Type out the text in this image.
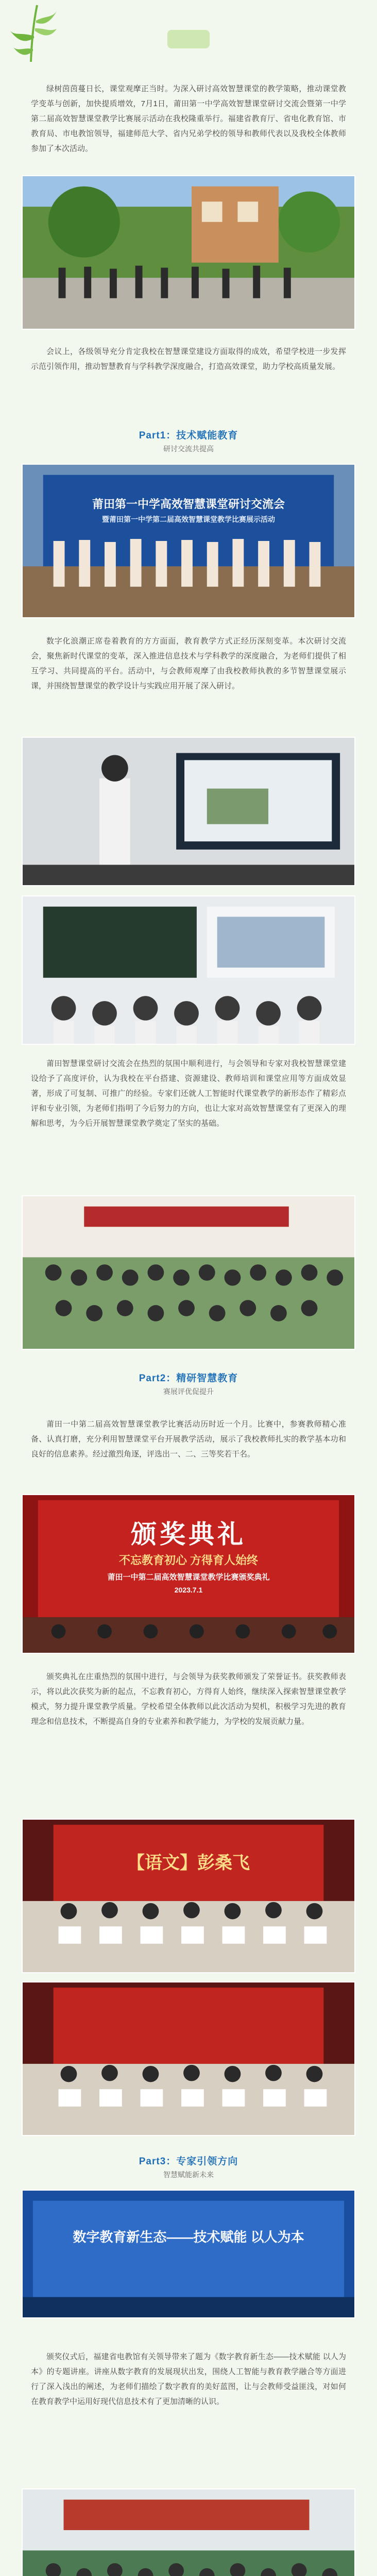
绿树茵茵蔓日长，课堂观摩正当时。为深入研讨高效智慧课堂的教学策略，推动课堂教学变革与创新，加快提质增效，7月1日，莆田第一中学高效智慧课堂研讨交流会暨第一中学第二届高效智慧课堂教学比赛展示活动在我校隆重举行。福建省教育厅、省电化教育馆、市教育局、市电教馆领导，福建师范大学、省内兄弟学校的领导和教师代表以及我校全体教师参加了本次活动。

会议上，各级领导充分肯定我校在智慧课堂建设方面取得的成效，希望学校进一步发挥示范引领作用，推动智慧教育与学科教学深度融合，打造高效课堂，助力学校高质量发展。

Part1：技术赋能教育
研讨交流共提高
莆田第一中学高效智慧课堂研讨交流会
暨莆田第一中学第二届高效智慧课堂教学比赛展示活动

数字化浪潮正席卷着教育的方方面面，教育教学方式正经历深刻变革。本次研讨交流会，聚焦新时代课堂的变革，深入推进信息技术与学科教学的深度融合，为老师们提供了相互学习、共同提高的平台。活动中，与会教师观摩了由我校教师执教的多节智慧课堂展示课，并围绕智慧课堂的教学设计与实践应用开展了深入研讨。

莆田智慧课堂研讨交流会在热烈的氛围中顺利进行，与会领导和专家对我校智慧课堂建设给予了高度评价，认为我校在平台搭建、资源建设、教师培训和课堂应用等方面成效显著，形成了可复制、可推广的经验。专家们还就人工智能时代课堂教学的新形态作了精彩点评和专业引领，为老师们指明了今后努力的方向，也让大家对高效智慧课堂有了更深入的理解和思考，为今后开展智慧课堂教学奠定了坚实的基础。

Part2：精研智慧教育
赛展评优促提升

莆田一中第二届高效智慧课堂教学比赛活动历时近一个月。比赛中，参赛教师精心准备、认真打磨，充分利用智慧课堂平台开展教学活动，展示了我校教师扎实的教学基本功和良好的信息素养。经过激烈角逐，评选出一、二、三等奖若干名。

颁奖典礼
不忘教育初心 方得育人始终
莆田一中第二届高效智慧课堂教学比赛颁奖典礼
2023.7.1

颁奖典礼在庄重热烈的氛围中进行，与会领导为获奖教师颁发了荣誉证书。获奖教师表示，将以此次获奖为新的起点，不忘教育初心，方得育人始终，继续深入探索智慧课堂教学模式，努力提升课堂教学质量。学校希望全体教师以此次活动为契机，积极学习先进的教育理念和信息技术，不断提高自身的专业素养和教学能力，为学校的发展贡献力量。

【语文】彭桑飞
Part3：专家引领方向
智慧赋能新未来
数字教育新生态——技术赋能 以人为本

颁奖仪式后，福建省电教馆有关领导带来了题为《数字教育新生态——技术赋能 以人为本》的专题讲座。讲座从数字教育的发展现状出发，围绕人工智能与教育教学融合等方面进行了深入浅出的阐述，为老师们描绘了数字教育的美好蓝图，让与会教师受益匪浅，对如何在教育教学中运用好现代信息技术有了更加清晰的认识。
